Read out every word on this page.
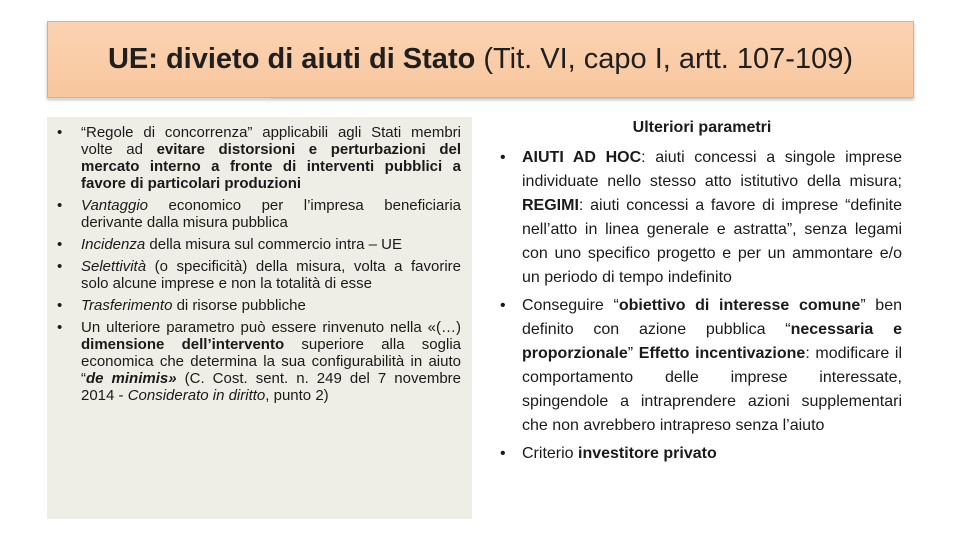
UE: divieto di aiuti di Stato (Tit. VI, capo I, artt. 107-109)
• “Regole di concorrenza” applicabili agli Stati membri volte ad evitare distorsioni e perturbazioni del mercato interno a fronte di interventi pubblici a favore di particolari produzioni
• Vantaggio economico per l’impresa beneficiaria derivante dalla misura pubblica
• Incidenza della misura sul commercio intra – UE
• Selettività (o specificità) della misura, volta a favorire solo alcune imprese e non la totalità di esse
• Trasferimento di risorse pubbliche
• Un ulteriore parametro può essere rinvenuto nella «(…) dimensione dell’intervento superiore alla soglia economica che determina la sua configurabilità in aiuto “de minimis» (C. Cost. sent. n. 249 del 7 novembre 2014 - Considerato in diritto, punto 2)
Ulteriori parametri
• AIUTI AD HOC: aiuti concessi a singole imprese individuate nello stesso atto istitutivo della misura; REGIMI: aiuti concessi a favore di imprese “definite nell’atto in linea generale e astratta”, senza legami con uno specifico progetto e per un ammontare e/o un periodo di tempo indefinito
• Conseguire “obiettivo di interesse comune” ben definito con azione pubblica “necessaria e proporzionale” Effetto incentivazione: modificare il comportamento delle imprese interessate, spingendole a intraprendere azioni supplementari che non avrebbero intrapreso senza l’aiuto
• Criterio investitore privato
